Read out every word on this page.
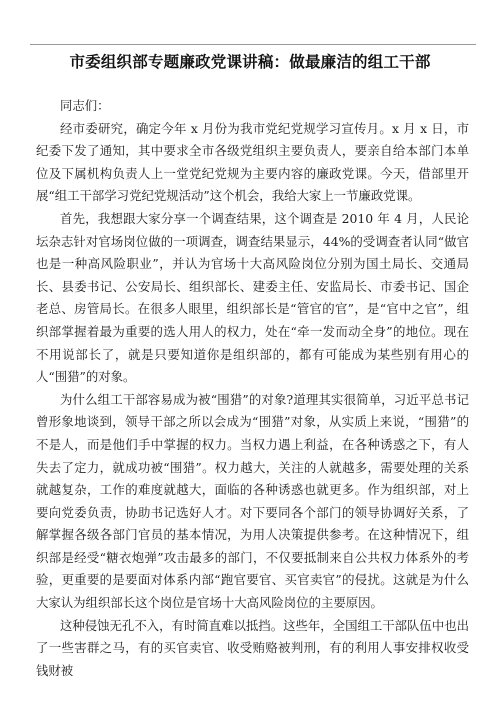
市委组织部专题廉政党课讲稿：做最廉洁的组工干部

同志们：

经市委研究，确定今年 x 月份为我市党纪党规学习宣传月。x 月 x 日，市纪委下发了通知，其中要求全市各级党组织主要负责人，要亲自给本部门本单位及下属机构负责人上一堂党纪党规为主要内容的廉政党课。今天，借部里开展“组工干部学习党纪党规活动”这个机会，我给大家上一节廉政党课。

首先，我想跟大家分享一个调查结果，这个调查是 2010 年 4 月，人民论坛杂志针对官场岗位做的一项调查，调查结果显示，44%的受调查者认同“做官也是一种高风险职业”，并认为官场十大高风险岗位分别为国土局长、交通局长、县委书记、公安局长、组织部长、建委主任、安监局长、市委书记、国企老总、房管局长。在很多人眼里，组织部长是“管官的官”，是“官中之官”，组织部掌握着最为重要的选人用人的权力，处在“牵一发而动全身”的地位。现在不用说部长了，就是只要知道你是组织部的，都有可能成为某些别有用心的人“围猎”的对象。

为什么组工干部容易成为被“围猎”的对象?道理其实很简单，习近平总书记曾形象地谈到，领导干部之所以会成为“围猎”对象，从实质上来说，“围猎”的不是人，而是他们手中掌握的权力。当权力遇上利益，在各种诱惑之下，有人失去了定力，就成功被“围猎”。权力越大，关注的人就越多，需要处理的关系就越复杂，工作的难度就越大，面临的各种诱惑也就更多。作为组织部，对上要向党委负责，协助书记选好人才。对下要同各个部门的领导协调好关系，了解掌握各级各部门官员的基本情况，为用人决策提供参考。在这种情况下，组织部是经受“糖衣炮弹”攻击最多的部门，不仅要抵制来自公共权力体系外的考验，更重要的是要面对体系内部“跑官要官、买官卖官”的侵扰。这就是为什么大家认为组织部长这个岗位是官场十大高风险岗位的主要原因。

这种侵蚀无孔不入，有时简直难以抵挡。这些年，全国组工干部队伍中也出了一些害群之马，有的买官卖官、收受贿赂被判刑，有的利用人事安排权收受钱财被
